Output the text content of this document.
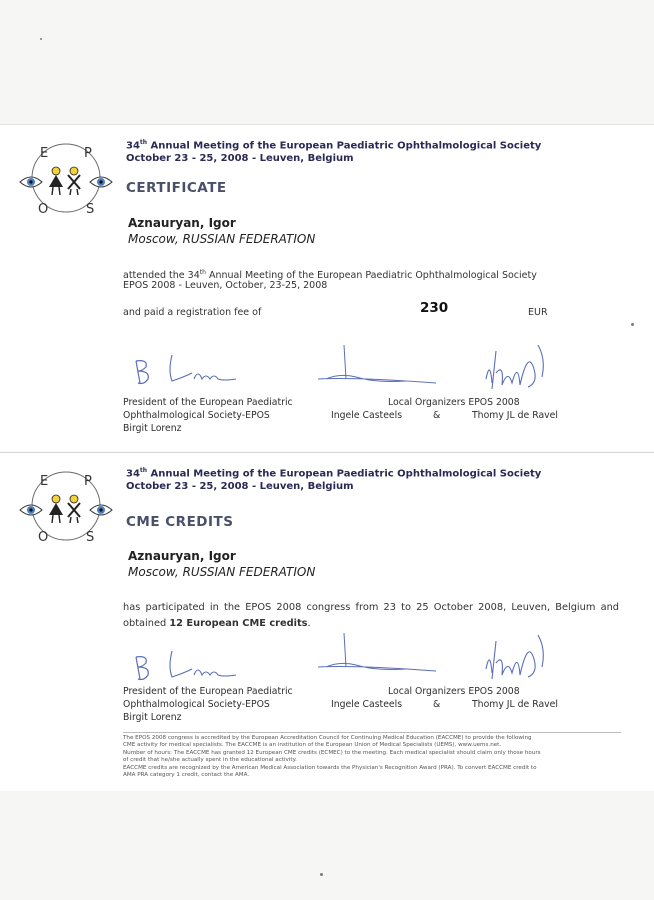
E	P
O	S
34th Annual Meeting of the European Paediatric Ophthalmological Society
October 23 - 25, 2008 - Leuven, Belgium
CERTIFICATE
Aznauryan, Igor
Moscow, RUSSIAN FEDERATION
attended the 34th Annual Meeting of the European Paediatric Ophthalmological Society
EPOS 2008 - Leuven, October, 23-25, 2008
and paid a registration fee of	230	EUR
President of the European Paediatric
Ophthalmological Society-EPOS
Birgit Lorenz
Local Organizers EPOS 2008
Ingele Casteels	&	Thomy JL de Ravel
E	P
O	S
34th Annual Meeting of the European Paediatric Ophthalmological Society
October 23 - 25, 2008 - Leuven, Belgium
CME CREDITS
Aznauryan, Igor
Moscow, RUSSIAN FEDERATION
has participated in the EPOS 2008 congress from 23 to 25 October 2008, Leuven, Belgium and obtained 12 European CME credits.
President of the European Paediatric
Ophthalmological Society-EPOS
Birgit Lorenz
Local Organizers EPOS 2008
Ingele Casteels	&	Thomy JL de Ravel
The EPOS 2008 congress is accredited by the European Accreditation Council for Continuing Medical Education (EACCME) to provide the following
CME activity for medical specialists. The EACCME is an institution of the European Union of Medical Specialists (UEMS), www.uems.net.
Number of hours: The EACCME has granted 12 European CME credits (ECMEC) to the meeting. Each medical specialist should claim only those hours
of credit that he/she actually spent in the educational activity.
EACCME credits are recognized by the American Medical Association towards the Physician's Recognition Award (PRA). To convert EACCME credit to
AMA PRA category 1 credit, contact the AMA.
